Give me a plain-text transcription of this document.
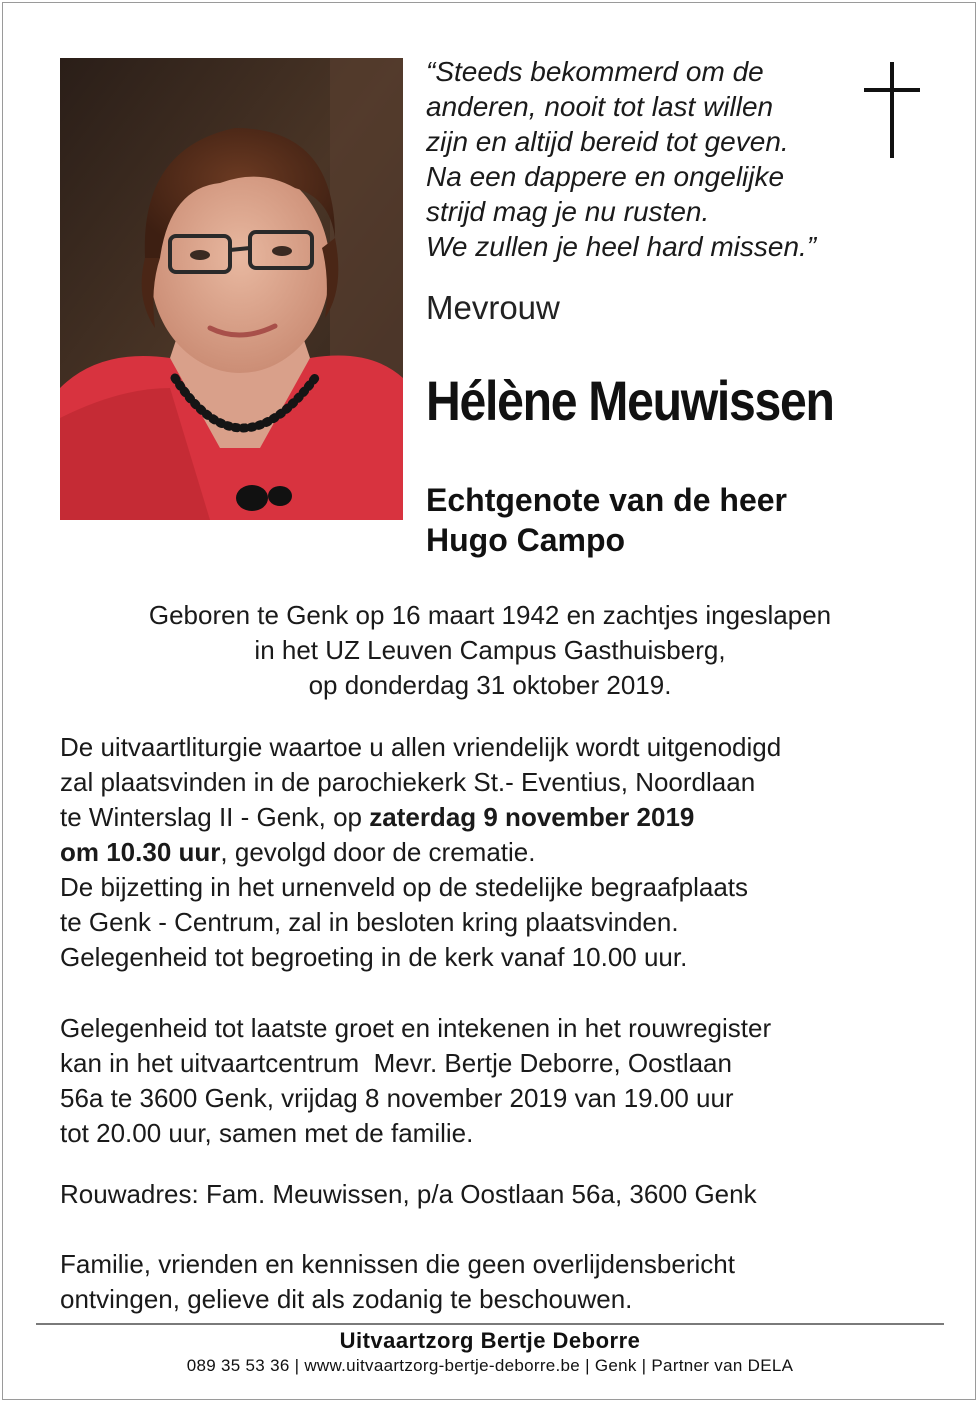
“Steeds bekommerd om de
anderen, nooit tot last willen
zijn en altijd bereid tot geven.
Na een dappere en ongelijke
strijd mag je nu rusten.
We zullen je heel hard missen.”
Mevrouw
Hélène Meuwissen
Echtgenote van de heer
Hugo Campo
Geboren te Genk op 16 maart 1942 en zachtjes ingeslapen
in het UZ Leuven Campus Gasthuisberg,
op donderdag 31 oktober 2019.
De uitvaartliturgie waartoe u allen vriendelijk wordt uitgenodigd
zal plaatsvinden in de parochiekerk St.- Eventius, Noordlaan
te Winterslag II - Genk, op zaterdag 9 november 2019
om 10.30 uur, gevolgd door de crematie.
De bijzetting in het urnenveld op de stedelijke begraafplaats
te Genk - Centrum, zal in besloten kring plaatsvinden.
Gelegenheid tot begroeting in de kerk vanaf 10.00 uur.
Gelegenheid tot laatste groet en intekenen in het rouwregister
kan in het uitvaartcentrum  Mevr. Bertje Deborre, Oostlaan
56a te 3600 Genk, vrijdag 8 november 2019 van 19.00 uur
tot 20.00 uur, samen met de familie.
Rouwadres: Fam. Meuwissen, p/a Oostlaan 56a, 3600 Genk
Familie, vrienden en kennissen die geen overlijdensbericht
ontvingen, gelieve dit als zodanig te beschouwen.
Uitvaartzorg Bertje Deborre
089 35 53 36 | www.uitvaartzorg-bertje-deborre.be | Genk | Partner van DELA
